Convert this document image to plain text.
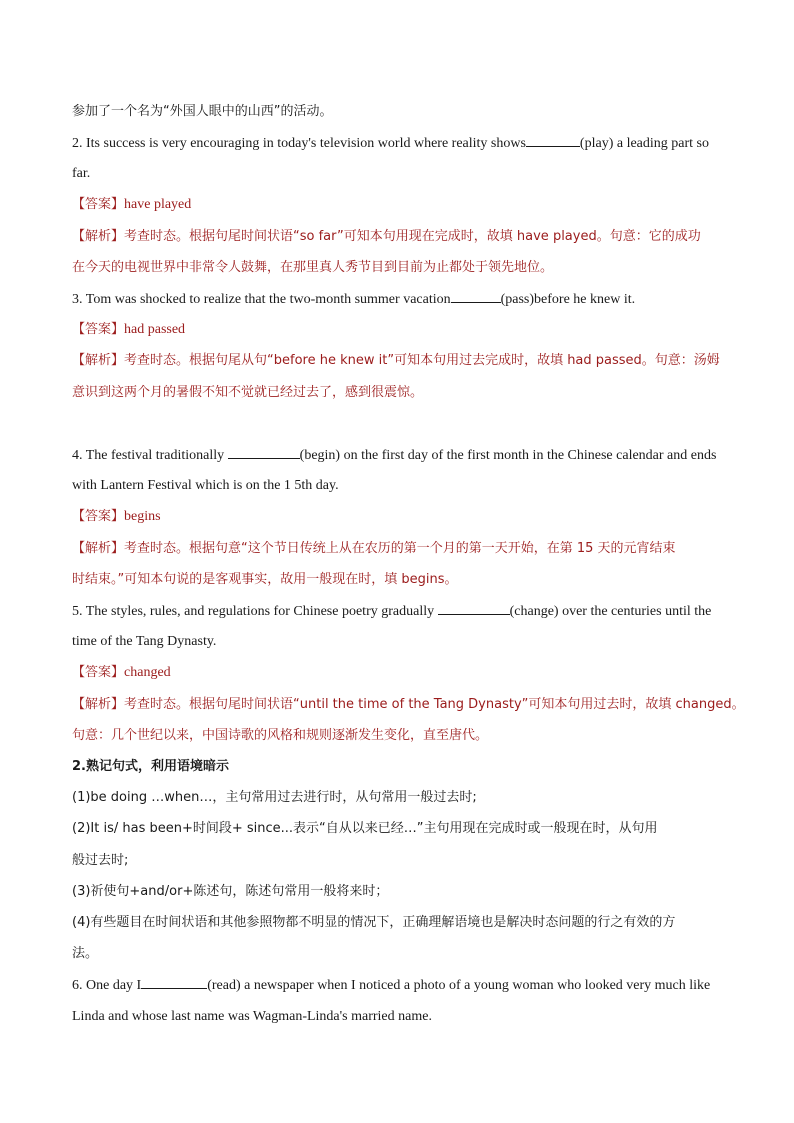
参加了一个名为“外国人眼中的山西”的活动。
2. Its success is very encouraging in today's television world where reality shows	(play) a leading part so
far.
【答案】have played
【解析】考查时态。根据句尾时间状语“so far”可知本句用现在完成时，故填 have played。句意：它的成功
在今天的电视世界中非常令人鼓舞，在那里真人秀节目到目前为止都处于领先地位。
3. Tom was shocked to realize that the two-month summer vacation	(pass)before he knew it.
【答案】had passed
【解析】考查时态。根据句尾从句“before he knew it”可知本句用过去完成时，故填 had passed。句意：汤姆
意识到这两个月的暑假不知不觉就已经过去了，感到很震惊。
4. The festival traditionally	(begin) on the first day of the first month in the Chinese calendar and ends
with Lantern Festival which is on the 1 5th day.
【答案】begins
【解析】考查时态。根据句意“这个节日传统上从在农历的第一个月的第一天开始，在第 15 天的元宵结束
时结束。”可知本句说的是客观事实，故用一般现在时，填 begins。
5. The styles, rules, and regulations for Chinese poetry gradually	(change) over the centuries until the
time of the Tang Dynasty.
【答案】changed
【解析】考查时态。根据句尾时间状语“until the time of the Tang Dynasty”可知本句用过去时，故填 changed。
句意：几个世纪以来，中国诗歌的风格和规则逐渐发生变化，直至唐代。
2.熟记句式，利用语境暗示
(1)be doing …when…，主句常用过去进行时，从句常用一般过去时;
(2)It is/ has been+时间段+ since...表示“自从以来已经…”主句用现在完成时或一般现在时，从句用
般过去时;
(3)祈使句+and/or+陈述句，陈述句常用一般将来时；
(4)有些题目在时间状语和其他参照物都不明显的情况下，正确理解语境也是解决时态问题的行之有效的方
法。
6. One day I	(read) a newspaper when I noticed a photo of a young woman who looked very much like
Linda and whose last name was Wagman-Linda's married name.
